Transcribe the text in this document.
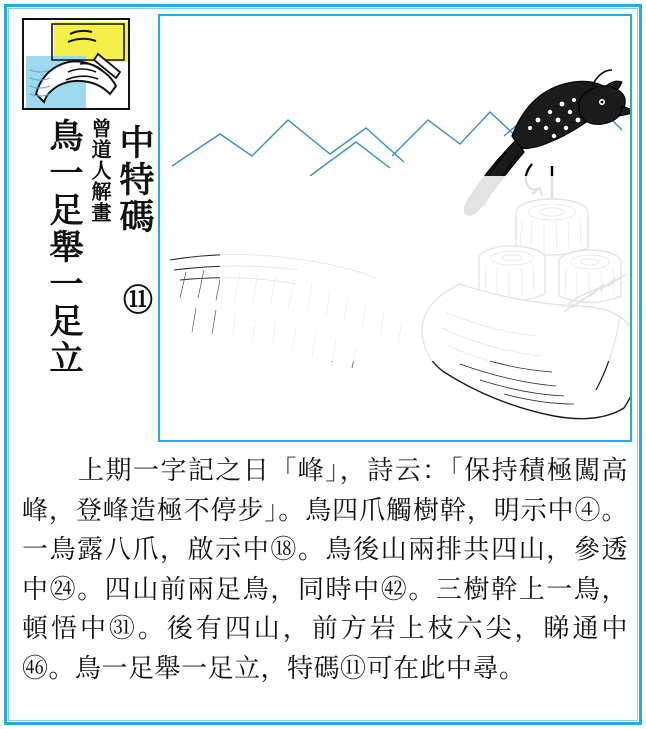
鳥一足舉一足立 曾道人解畫 中特碼 ⑪

上期一字記之日「峰」，詩云：「保持積極闖高峰，登峰造極不停步」。鳥四爪觸樹幹，明示中④。一鳥露八爪，啟示中⑱。鳥後山兩排共四山，參透中㉔。四山前兩足鳥，同時中㊷。三樹幹上一鳥，頓悟中㉛。後有四山，前方岩上枝六尖，睇通中㊻。鳥一足舉一足立，特碼⑪可在此中尋。
